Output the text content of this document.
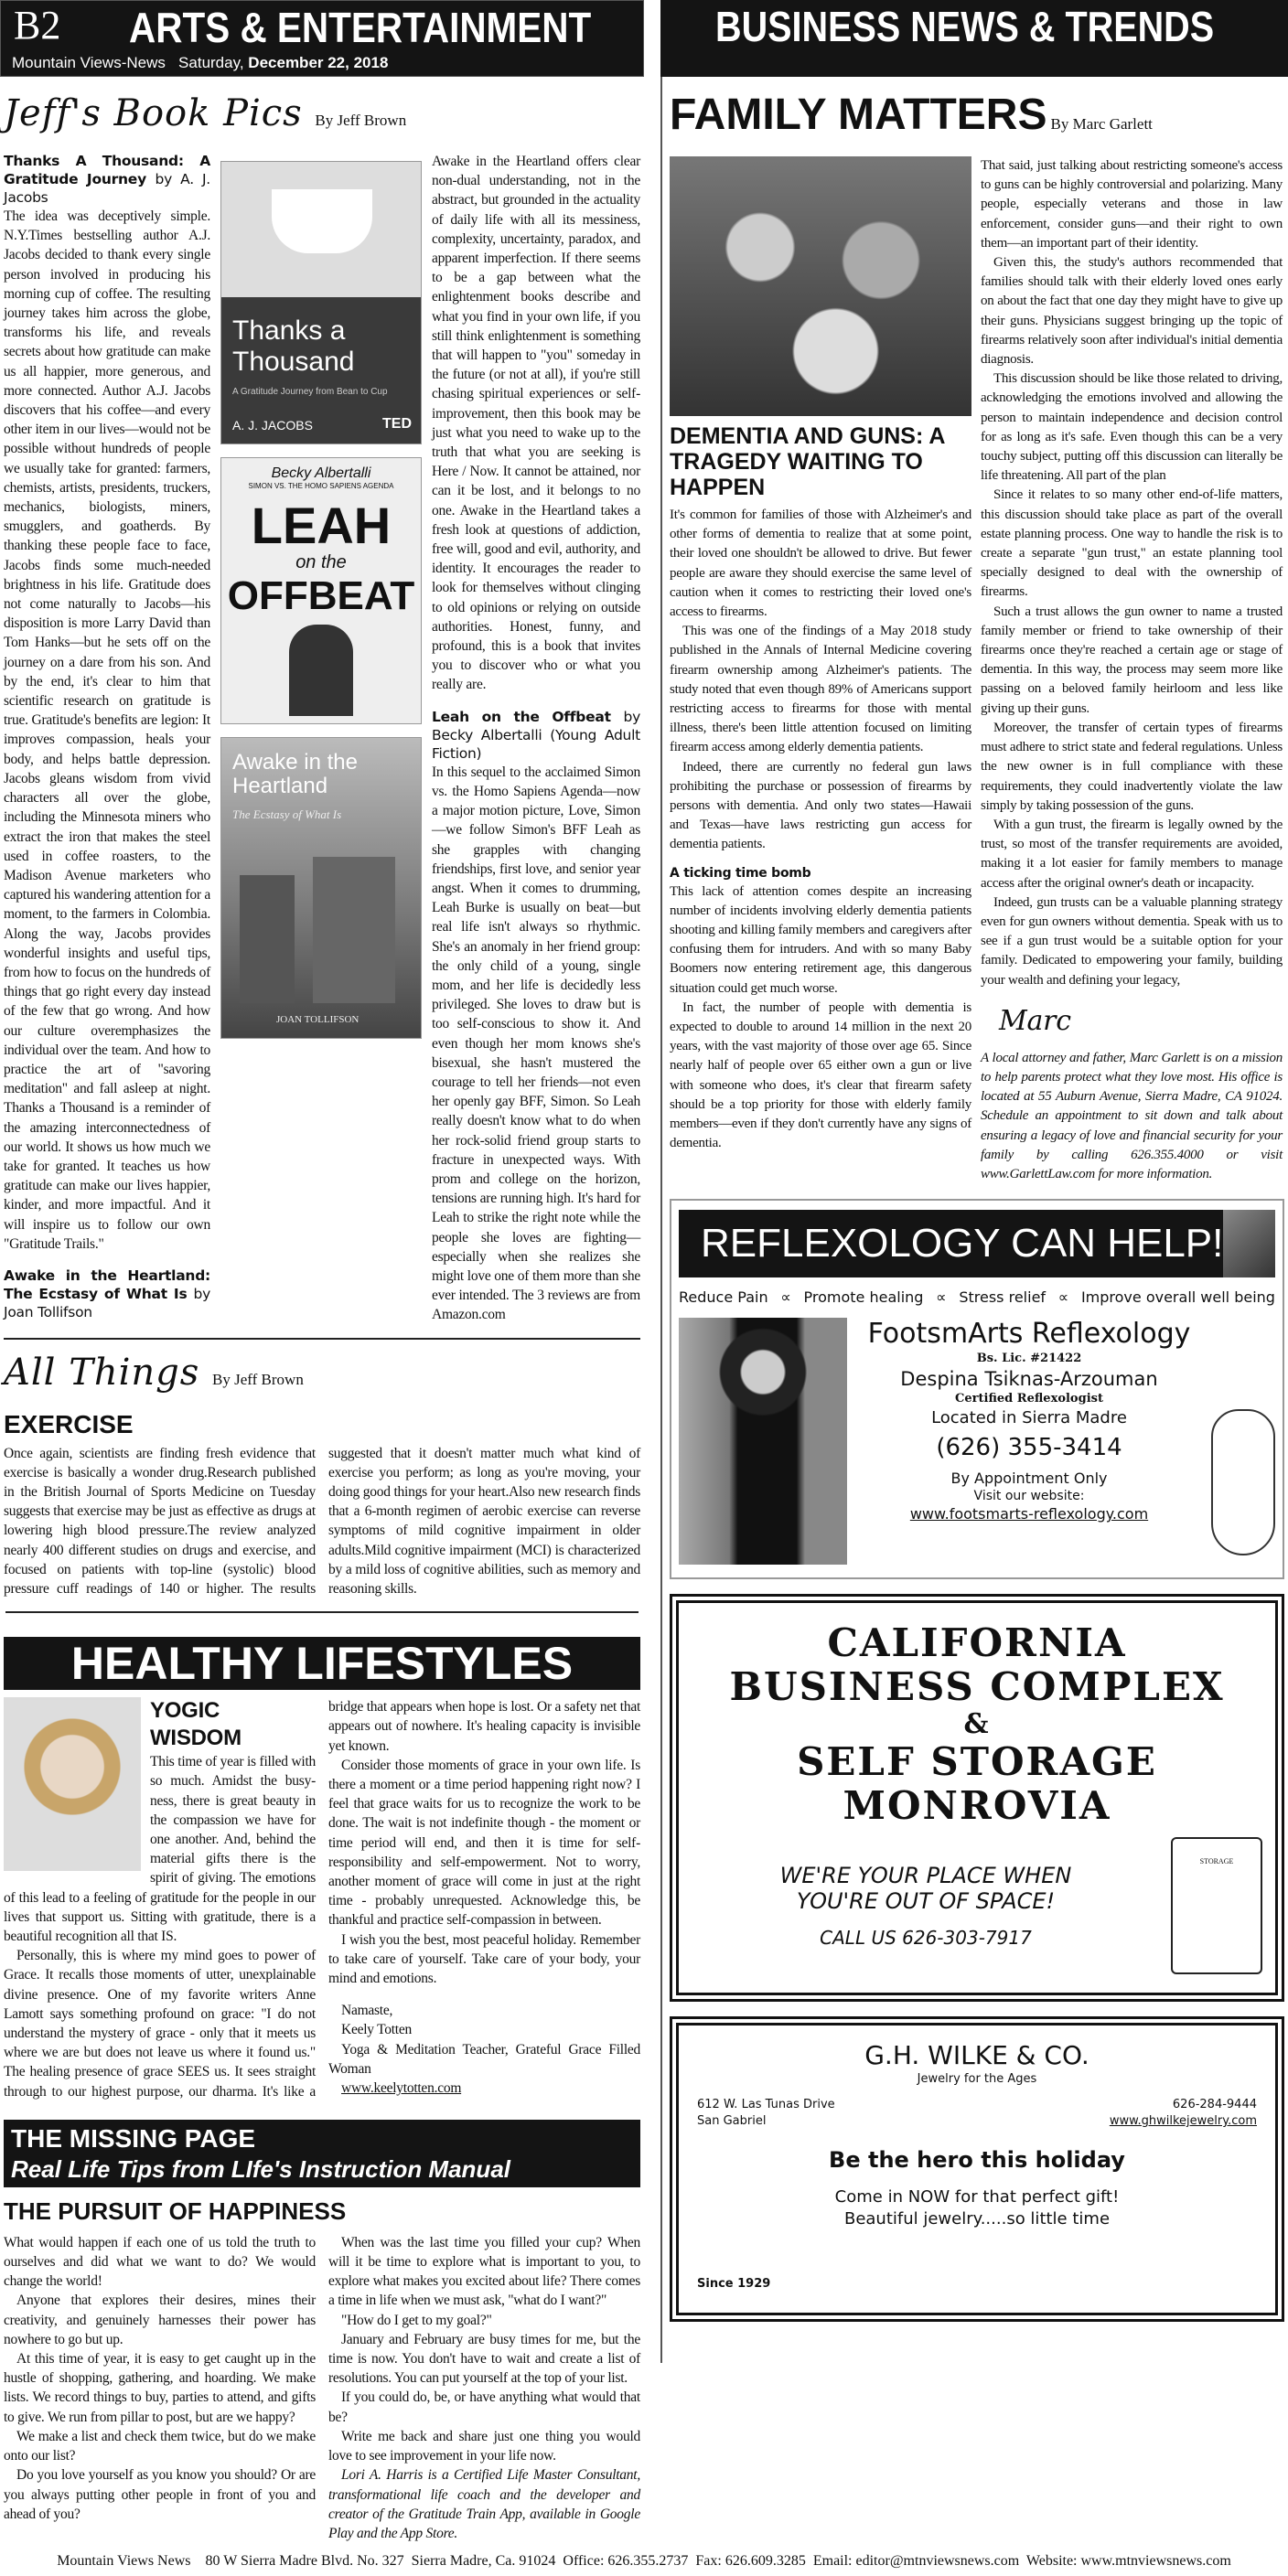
B2 ARTS & ENTERTAINMENT
Mountain Views-News Saturday, December 22, 2018
BUSINESS NEWS & TRENDS
Jeff's Book Pics By Jeff Brown
Thanks A Thousand: A Gratitude Journey by A. J. Jacobs

The idea was deceptively simple. N.Y.Times bestselling author A.J. Jacobs decided to thank every single person involved in producing his morning cup of coffee. The resulting journey takes him across the globe, transforms his life, and reveals secrets about how gratitude can make us all happier, more generous, and more connected. Author A.J. Jacobs discovers that his coffee—and every other item in our lives—would not be possible without hundreds of people we usually take for granted: farmers, chemists, artists, presidents, truckers, mechanics, biologists, miners, smugglers, and goatherds. By thanking these people face to face, Jacobs finds some much-needed brightness in his life. Gratitude does not come naturally to Jacobs—his disposition is more Larry David than Tom Hanks—but he sets off on the journey on a dare from his son. And by the end, it's clear to him that scientific research on gratitude is true. Gratitude's benefits are legion: It improves compassion, heals your body, and helps battle depression. Jacobs gleans wisdom from vivid characters all over the globe, including the Minnesota miners who extract the iron that makes the steel used in coffee roasters, to the Madison Avenue marketers who captured his wandering attention for a moment, to the farmers in Colombia. Along the way, Jacobs provides wonderful insights and useful tips, from how to focus on the hundreds of things that go right every day instead of the few that go wrong. And how our culture overemphasizes the individual over the team. And how to practice the art of "savoring meditation" and fall asleep at night. Thanks a Thousand is a reminder of the amazing interconnectedness of our world. It shows us how much we take for granted. It teaches us how gratitude can make our lives happier, kinder, and more impactful. And it will inspire us to follow our own "Gratitude Trails."

Awake in the Heartland: The Ecstasy of What Is by Joan Tollifson
Thanks a Thousand
A Gratitude Journey from Bean to Cup
A. J. JACOBS	TED
Becky Albertalli
SIMON VS. THE HOMO SAPIENS AGENDA
LEAH
on the
OFFBEAT
Awake in the Heartland
The Ecstasy of What Is
JOAN TOLLIFSON

Awake in the Heartland offers clear non-dual understanding, not in the abstract, but grounded in the actuality of daily life with all its messiness, complexity, uncertainty, paradox, and apparent imperfection. If there seems to be a gap between what the enlightenment books describe and what you find in your own life, if you still think enlightenment is something that will happen to "you" someday in the future (or not at all), if you're still chasing spiritual experiences or self-improvement, then this book may be just what you need to wake up to the truth that what you are seeking is Here / Now. It cannot be attained, nor can it be lost, and it belongs to no one. Awake in the Heartland takes a fresh look at questions of addiction, free will, good and evil, authority, and identity. It encourages the reader to look for themselves without clinging to old opinions or relying on outside authorities. Honest, funny, and profound, this is a book that invites you to discover who or what you really are.

Leah on the Offbeat by Becky Albertalli (Young Adult Fiction)

In this sequel to the acclaimed Simon vs. the Homo Sapiens Agenda—now a major motion picture, Love, Simon—we follow Simon's BFF Leah as she grapples with changing friendships, first love, and senior year angst. When it comes to drumming, Leah Burke is usually on beat—but real life isn't always so rhythmic. She's an anomaly in her friend group: the only child of a young, single mom, and her life is decidedly less privileged. She loves to draw but is too self-conscious to show it. And even though her mom knows she's bisexual, she hasn't mustered the courage to tell her friends—not even her openly gay BFF, Simon. So Leah really doesn't know what to do when her rock-solid friend group starts to fracture in unexpected ways. With prom and college on the horizon, tensions are running high. It's hard for Leah to strike the right note while the people she loves are fighting—especially when she realizes she might love one of them more than she ever intended. The 3 reviews are from Amazon.com

All Things By Jeff Brown
EXERCISE
Once again, scientists are finding fresh evidence that exercise is basically a wonder drug.Research published in the British Journal of Sports Medicine on Tuesday suggests that exercise may be just as effective as drugs at lowering high blood pressure.The review analyzed nearly 400 different studies on drugs and exercise, and focused on patients with top-line (systolic) blood pressure cuff readings of 140 or higher. The results suggested that it doesn't matter much what kind of exercise you perform; as long as you're moving, your doing good things for your heart.Also new research finds that a 6-month regimen of aerobic exercise can reverse symptoms of mild cognitive impairment in older adults.Mild cognitive impairment (MCI) is characterized by a mild loss of cognitive abilities, such as memory and reasoning skills.
HEALTHY LIFESTYLES
YOGIC WISDOM

This time of year is filled with so much. Amidst the busy-ness, there is great beauty in the compassion we have for one another. And, behind the material gifts there is the spirit of giving. The emotions of this lead to a feeling of gratitude for the people in our lives that support us. Sitting with gratitude, there is a beautiful recognition all that IS.

Personally, this is where my mind goes to power of Grace. It recalls those moments of utter, unexplainable divine presence. One of my favorite writers Anne Lamott says something profound on grace: "I do not understand the mystery of grace - only that it meets us where we are but does not leave us where it found us." The healing presence of grace SEES us. It sees straight through to our highest purpose, our dharma. It's like a bridge that appears when hope is lost. Or a safety net that appears out of nowhere. It's healing capacity is invisible yet known.

Consider those moments of grace in your own life. Is there a moment or a time period happening right now? I feel that grace waits for us to recognize the work to be done. The wait is not indefinite though - the moment or time period will end, and then it is time for self-responsibility and self-empowerment. Not to worry, another moment of grace will come in just at the right time - probably unrequested. Acknowledge this, be thankful and practice self-compassion in between.

I wish you the best, most peaceful holiday. Remember to take care of yourself. Take care of your body, your mind and emotions.

Namaste,

Keely Totten

Yoga & Meditation Teacher, Grateful Grace Filled Woman

www.keelytotten.com

THE MISSING PAGE
Real Life Tips from LIfe's Instruction Manual
THE PURSUIT OF HAPPINESS

What would happen if each one of us told the truth to ourselves and did what we want to do? We would change the world!

Anyone that explores their desires, mines their creativity, and genuinely harnesses their power has nowhere to go but up.

At this time of year, it is easy to get caught up in the hustle of shopping, gathering, and hoarding. We make lists. We record things to buy, parties to attend, and gifts to give. We run from pillar to post, but are we happy?

We make a list and check them twice, but do we make onto our list?

Do you love yourself as you know you should? Or are you always putting other people in front of you and ahead of you?

When was the last time you filled your cup? When will it be time to explore what is important to you, to explore what makes you excited about life? There comes a time in life when we must ask, "what do I want?"

"How do I get to my goal?"

January and February are busy times for me, but the time is now. You don't have to wait and create a list of resolutions. You can put yourself at the top of your list.

If you could do, be, or have anything what would that be?

Write me back and share just one thing you would love to see improvement in your life now.

Lori A. Harris is a Certified Life Master Consultant, transformational life coach and the developer and creator of the Gratitude Train App, available in Google Play and the App Store.

FAMILY MATTERS By Marc Garlett
DEMENTIA AND GUNS: A TRAGEDY WAITING TO HAPPEN

It's common for families of those with Alzheimer's and other forms of dementia to realize that at some point, their loved one shouldn't be allowed to drive. But fewer people are aware they should exercise the same level of caution when it comes to restricting their loved one's access to firearms.

This was one of the findings of a May 2018 study published in the Annals of Internal Medicine covering firearm ownership among Alzheimer's patients. The study noted that even though 89% of Americans support restricting access to firearms for those with mental illness, there's been little attention focused on limiting firearm access among elderly dementia patients.

Indeed, there are currently no federal gun laws prohibiting the purchase or possession of firearms by persons with dementia. And only two states—Hawaii and Texas—have laws restricting gun access for dementia patients.

A ticking time bomb

This lack of attention comes despite an increasing number of incidents involving elderly dementia patients shooting and killing family members and caregivers after confusing them for intruders. And with so many Baby Boomers now entering retirement age, this dangerous situation could get much worse.

In fact, the number of people with dementia is expected to double to around 14 million in the next 20 years, with the vast majority of those over age 65. Since nearly half of people over 65 either own a gun or live with someone who does, it's clear that firearm safety should be a top priority for those with elderly family members—even if they don't currently have any signs of dementia.

That said, just talking about restricting someone's access to guns can be highly controversial and polarizing. Many people, especially veterans and those in law enforcement, consider guns—and their right to own them—an important part of their identity.

Given this, the study's authors recommended that families should talk with their elderly loved ones early on about the fact that one day they might have to give up their guns. Physicians suggest bringing up the topic of firearms relatively soon after individual's initial dementia diagnosis.

This discussion should be like those related to driving, acknowledging the emotions involved and allowing the person to maintain independence and decision control for as long as it's safe. Even though this can be a very touchy subject, putting off this discussion can literally be life threatening. All part of the plan

Since it relates to so many other end-of-life matters, this discussion should take place as part of the overall estate planning process. One way to handle the risk is to create a separate "gun trust," an estate planning tool specially designed to deal with the ownership of firearms.

Such a trust allows the gun owner to name a trusted family member or friend to take ownership of their firearms once they're reached a certain age or stage of dementia. In this way, the process may seem more like passing on a beloved family heirloom and less like giving up their guns.

Moreover, the transfer of certain types of firearms must adhere to strict state and federal regulations. Unless the new owner is in full compliance with these requirements, they could inadvertently violate the law simply by taking possession of the guns.

With a gun trust, the firearm is legally owned by the trust, so most of the transfer requirements are avoided, making it a lot easier for family members to manage access after the original owner's death or incapacity.

Indeed, gun trusts can be a valuable planning strategy even for gun owners without dementia. Speak with us to see if a gun trust would be a suitable option for your family. Dedicated to empowering your family, building your wealth and defining your legacy,

Marc

A local attorney and father, Marc Garlett is on a mission to help parents protect what they love most. His office is located at 55 Auburn Avenue, Sierra Madre, CA 91024. Schedule an appointment to sit down and talk about ensuring a legacy of love and financial security for your family by calling 626.355.4000 or visit www.GarlettLaw.com for more information.

REFLEXOLOGY CAN HELP!
Reduce Pain ∝ Promote healing ∝ Stress relief ∝ Improve overall well being
FootsmArts Reflexology
Bs. Lic. #21422
Despina Tsiknas-Arzouman
Certified Reflexologist
Located in Sierra Madre
(626) 355-3414
By Appointment Only
Visit our website:
www.footsmarts-reflexology.com
CALIFORNIA
BUSINESS COMPLEX
&
SELF STORAGE
MONROVIA
WE'RE YOUR PLACE WHEN
YOU'RE OUT OF SPACE!
CALL US 626-303-7917
STORAGE
G.H. WILKE & CO.
Jewelry for the Ages
612 W. Las Tunas Drive
San Gabriel
626-284-9444
www.ghwilkejewelry.com
Be the hero this holiday
Come in NOW for that perfect gift!
Beautiful jewelry.....so little time
Since 1929
Mountain Views News    80 W Sierra Madre Blvd. No. 327  Sierra Madre, Ca. 91024  Office: 626.355.2737  Fax: 626.609.3285  Email: editor@mtnviewsnews.com  Website: www.mtnviewsnews.com
